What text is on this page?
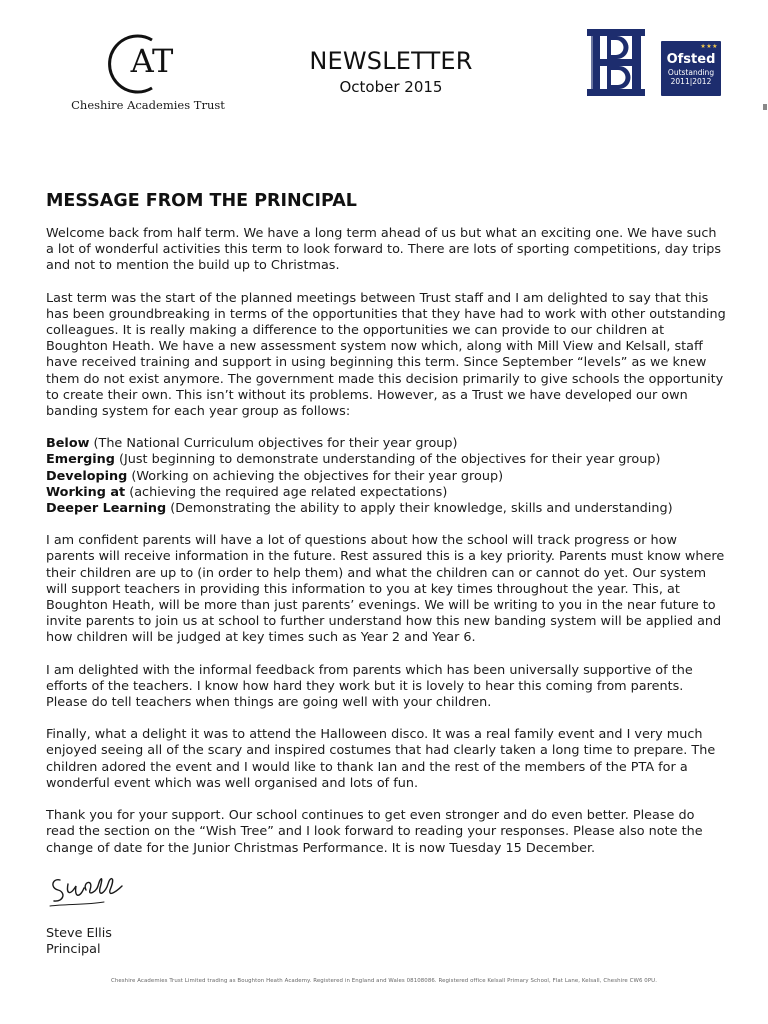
AT
Cheshire Academies Trust
NEWSLETTER
October 2015
★★★
Ofsted
Outstanding
2011|2012
MESSAGE FROM THE PRINCIPAL

Welcome back from half term. We have a long term ahead of us but what an exciting one. We have such a lot of wonderful activities this term to look forward to. There are lots of sporting competitions, day trips and not to mention the build up to Christmas.

Last term was the start of the planned meetings between Trust staff and I am delighted to say that this has been groundbreaking in terms of the opportunities that they have had to work with other outstanding colleagues. It is really making a difference to the opportunities we can provide to our children at Boughton Heath. We have a new assessment system now which, along with Mill View and Kelsall, staff have received training and support in using beginning this term. Since September “levels” as we knew them do not exist anymore. The government made this decision primarily to give schools the opportunity to create their own. This isn’t without its problems. However, as a Trust we have developed our own banding system for each year group as follows:

Below (The National Curriculum objectives for their year group)

Emerging (Just beginning to demonstrate understanding of the objectives for their year group)

Developing (Working on achieving the objectives for their year group)

Working at (achieving the required age related expectations)

Deeper Learning (Demonstrating the ability to apply their knowledge, skills and understanding)

I am confident parents will have a lot of questions about how the school will track progress or how parents will receive information in the future. Rest assured this is a key priority. Parents must know where their children are up to (in order to help them) and what the children can or cannot do yet. Our system will support teachers in providing this information to you at key times throughout the year. This, at Boughton Heath, will be more than just parents’ evenings. We will be writing to you in the near future to invite parents to join us at school to further understand how this new banding system will be applied and how children will be judged at key times such as Year 2 and Year 6.

I am delighted with the informal feedback from parents which has been universally supportive of the efforts of the teachers. I know how hard they work but it is lovely to hear this coming from parents. Please do tell teachers when things are going well with your children.

Finally, what a delight it was to attend the Halloween disco. It was a real family event and I very much enjoyed seeing all of the scary and inspired costumes that had clearly taken a long time to prepare. The children adored the event and I would like to thank Ian and the rest of the members of the PTA for a wonderful event which was well organised and lots of fun.

Thank you for your support. Our school continues to get even stronger and do even better. Please do read the section on the “Wish Tree” and I look forward to reading your responses. Please also note the change of date for the Junior Christmas Performance. It is now Tuesday 15 December.

Steve Ellis
Principal
Cheshire Academies Trust Limited trading as Boughton Heath Academy. Registered in England and Wales 08108086. Registered office Kelsall Primary School, Flat Lane, Kelsall, Cheshire CW6 0PU.
